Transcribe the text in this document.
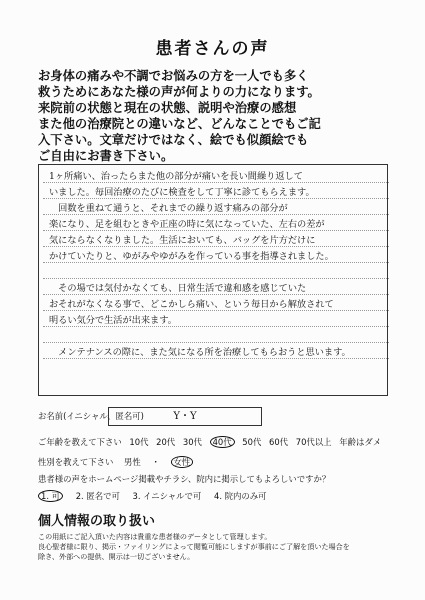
患者さんの声
お身体の痛みや不調でお悩みの方を一人でも多く
救うためにあなた様の声が何よりの力になります。
来院前の状態と現在の状態、説明や治療の感想
また他の治療院との違いなど、どんなことでもご記
入下さい。文章だけではなく、絵でも似顔絵でも
ご自由にお書き下さい。
1ヶ所痛い、治ったらまた他の部分が痛いを長い間繰り返して
いました。毎回治療のたびに検査をして丁寧に診てもらえます。
　回数を重ねて通うと、それまでの繰り返す痛みの部分が
楽になり、足を組むときや正座の時に気になっていた、左右の差が
気にならなくなりました。生活においても、バッグを片方だけに
かけていたりと、ゆがみやゆがみを作っている事を指導されました。
　その場では気付かなくても、日常生活で違和感を感じていた
おそれがなくなる事で、どこかしら痛い、という毎日から解放されて
明るい気分で生活が出来ます。
　メンテナンスの際に、また気になる所を治療してもらおうと思います。
お名前(イニシャル、匿名可)	Y・Y
ご年齢を教えて下さい 10代 20代 30代 40代 50代 60代 70代以上 年齢はダメ
性別を教えて下さい 男性 ・ 女性
患者様の声をホームページ掲載やチラシ、院内に掲示してもよろしいですか？
1. 可 2. 匿名で可 3. イニシャルで可 4. 院内のみ可
個人情報の取り扱い
この用紙にご記入頂いた内容は貴重な患者様のデータとして管理します。
良心聖者様に限り、掲示・ファイリングによって閲覧可能にしますが事前にご了解を頂いた場合を
除き、外部への提供、開示は一切ございません。
